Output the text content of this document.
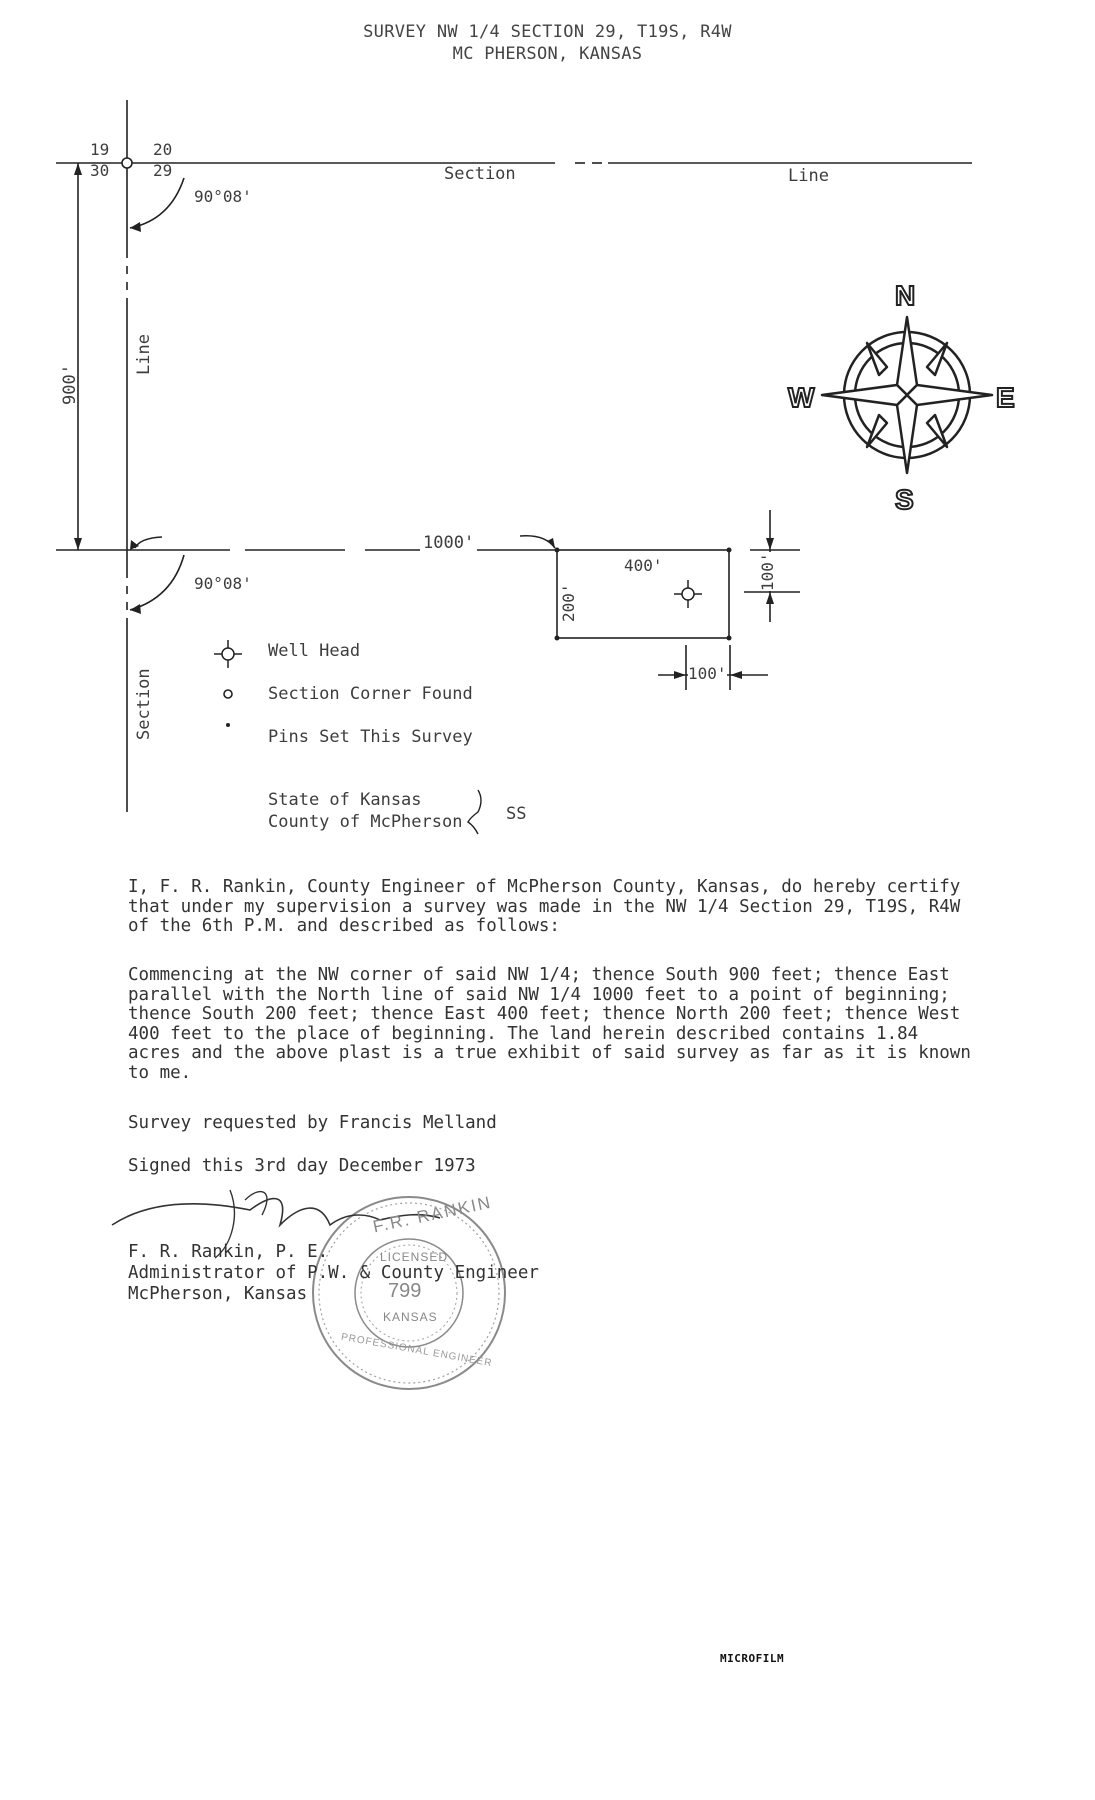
SURVEY NW 1/4 SECTION 29, T19S, R4W
MC PHERSON, KANSAS
19	20
30	29	Section	Line
Line
Section
90°08'
90°08'
900'
1000'
400'
200'
100'
100'
N
S
E
W
Well Head
Section Corner Found
Pins Set This Survey
State of Kansas
County of McPherson	SS
I, F. R. Rankin, County Engineer of McPherson County, Kansas, do hereby certify
that under my supervision a survey was made in the NW 1/4 Section 29, T19S, R4W
of the 6th P.M. and described as follows:
Commencing at the NW corner of said NW 1/4; thence South 900 feet; thence East
parallel with the North line of said NW 1/4 1000 feet to a point of beginning;
thence South 200 feet; thence East 400 feet; thence North 200 feet; thence West
400 feet to the place of beginning. The land herein described contains 1.84
acres and the above plast is a true exhibit of said survey as far as it is known
to me.
Survey requested by Francis Melland
Signed this 3rd day December 1973
F. R. Rankin, P. E.
Administrator of P.W. & County Engineer
McPherson, Kansas
F.R. RANKIN
LICENSED
799
KANSAS
PROFESSIONAL ENGINEER
MICROFILM
